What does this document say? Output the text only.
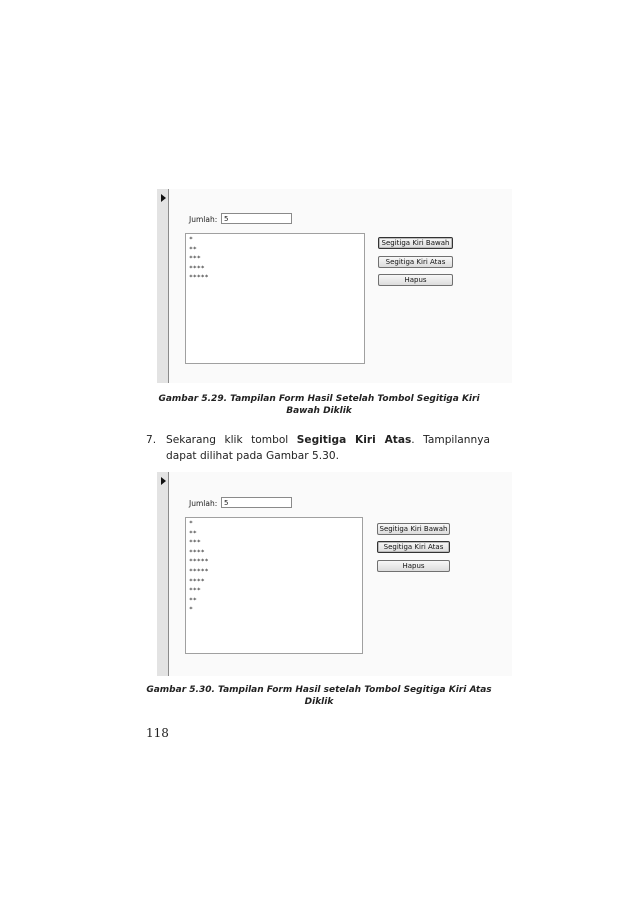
Jumlah: 5
*
**
***
****
*****
Segitiga Kiri Bawah
Segitiga Kiri Atas
Hapus
Gambar 5.29. Tampilan Form Hasil Setelah Tombol Segitiga Kiri
Bawah Diklik
7. Sekarang klik tombol Segitiga Kiri Atas. Tampilannya dapat dilihat pada Gambar 5.30.
Jumlah: 5
*
**
***
****
*****
*****
****
***
**
*
Segitiga Kiri Bawah
Segitiga Kiri Atas
Hapus
Gambar 5.30. Tampilan Form Hasil setelah Tombol Segitiga Kiri Atas
Diklik
118
